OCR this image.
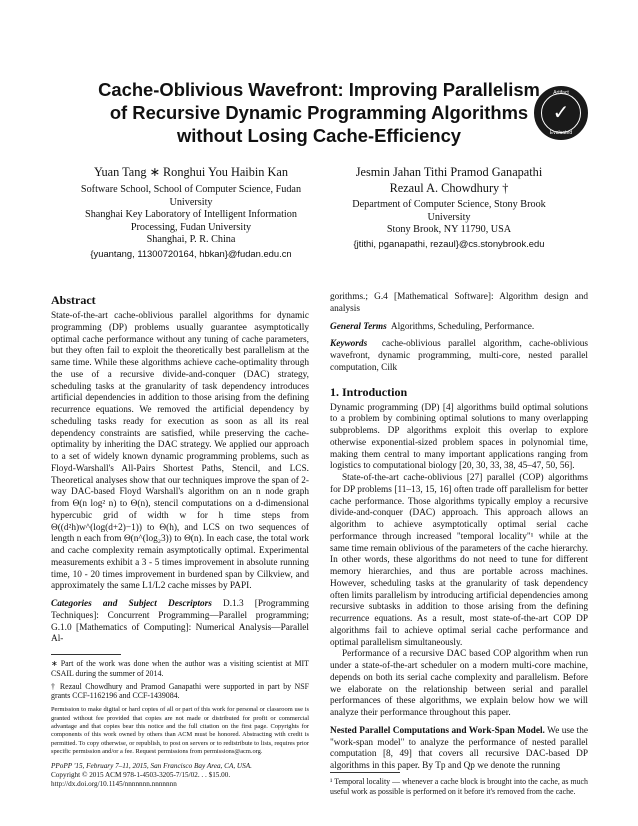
Cache-Oblivious Wavefront: Improving Parallelism
of Recursive Dynamic Programming Algorithms
without Losing Cache-Efficiency
Artifact
✓
Evaluated
Yuan Tang ∗ Ronghui You Haibin Kan
Software School, School of Computer Science, Fudan
University
Shanghai Key Laboratory of Intelligent Information
Processing, Fudan University
Shanghai, P. R. China
{yuantang, 11300720164, hbkan}@fudan.edu.cn
Jesmin Jahan Tithi Pramod Ganapathi
Rezaul A. Chowdhury †
Department of Computer Science, Stony Brook
University
Stony Brook, NY 11790, USA
{jtithi, pganapathi, rezaul}@cs.stonybrook.edu
Abstract

State-of-the-art cache-oblivious parallel algorithms for dynamic programming (DP) problems usually guarantee asymptotically optimal cache performance without any tuning of cache parameters, but they often fail to exploit the theoretically best parallelism at the same time. While these algorithms achieve cache-optimality through the use of a recursive divide-and-conquer (DAC) strategy, scheduling tasks at the granularity of task dependency introduces artificial dependencies in addition to those arising from the defining recurrence equations. We removed the artificial dependency by scheduling tasks ready for execution as soon as all its real dependency constraints are satisfied, while preserving the cache-optimality by inheriting the DAC strategy. We applied our approach to a set of widely known dynamic programming problems, such as Floyd-Warshall's All-Pairs Shortest Paths, Stencil, and LCS. Theoretical analyses show that our techniques improve the span of 2-way DAC-based Floyd Warshall's algorithm on an n node graph from Θ(n log² n) to Θ(n), stencil computations on a d-dimensional hypercubic grid of width w for h time steps from Θ((d²h)w^(log(d+2)−1)) to Θ(h), and LCS on two sequences of length n each from Θ(n^(log₂3)) to Θ(n). In each case, the total work and cache complexity remain asymptotically optimal. Experimental measurements exhibit a 3 - 5 times improvement in absolute running time, 10 - 20 times improvement in burdened span by Cilkview, and approximately the same L1/L2 cache misses by PAPI.

Categories and Subject Descriptors D.1.3 [Programming Techniques]: Concurrent Programming—Parallel programming; G.1.0 [Mathematics of Computing]: Numerical Analysis—Parallel Al-

∗ Part of the work was done when the author was a visiting scientist at MIT CSAIL during the summer of 2014.

† Rezaul Chowdhury and Pramod Ganapathi were supported in part by NSF grants CCF-1162196 and CCF-1439084.

Permission to make digital or hard copies of all or part of this work for personal or classroom use is granted without fee provided that copies are not made or distributed for profit or commercial advantage and that copies bear this notice and the full citation on the first page. Copyrights for components of this work owned by others than ACM must be honored. Abstracting with credit is permitted. To copy otherwise, or republish, to post on servers or to redistribute to lists, requires prior specific permission and/or a fee. Request permissions from permissions@acm.org.

PPoPP '15, February 7–11, 2015, San Francisco Bay Area, CA, USA.
Copyright © 2015 ACM 978-1-4503-3205-7/15/02. . . $15.00.
http://dx.doi.org/10.1145/nnnnnnn.nnnnnnn

gorithms.; G.4 [Mathematical Software]: Algorithm design and analysis

General Terms Algorithms, Scheduling, Performance.

Keywords cache-oblivious parallel algorithm, cache-oblivious wavefront, dynamic programming, multi-core, nested parallel computation, Cilk

1. Introduction

Dynamic programming (DP) [4] algorithms build optimal solutions to a problem by combining optimal solutions to many overlapping subproblems. DP algorithms exploit this overlap to explore otherwise exponential-sized problem spaces in polynomial time, making them central to many important applications ranging from logistics to computational biology [20, 30, 33, 38, 45–47, 50, 56].

State-of-the-art cache-oblivious [27] parallel (COP) algorithms for DP problems [11–13, 15, 16] often trade off parallelism for better cache performance. Those algorithms typically employ a recursive divide-and-conquer (DAC) approach. This approach allows an algorithm to achieve asymptotically optimal serial cache performance through increased "temporal locality"¹ while at the same time remain oblivious of the parameters of the cache hierarchy. In other words, these algorithms do not need to tune for different memory hierarchies, and thus are portable across machines. However, scheduling tasks at the granularity of task dependency often limits parallelism by introducing artificial dependencies among recursive subtasks in addition to those arising from the defining recurrence equations. As a result, most state-of-the-art COP DP algorithms fail to achieve optimal serial cache performance and optimal parallelism simultaneously.

Performance of a recursive DAC based COP algorithm when run under a state-of-the-art scheduler on a modern multi-core machine, depends on both its serial cache complexity and parallelism. Before we elaborate on the relationship between serial and parallel performances of these algorithms, we explain below how we will analyze their performance throughout this paper.

Nested Parallel Computations and Work-Span Model. We use the "work-span model" to analyze the performance of nested parallel computation [8, 49] that covers all recursive DAC-based DP algorithms in this paper. By Tp and Qp we denote the running

¹ Temporal locality — whenever a cache block is brought into the cache, as much useful work as possible is performed on it before it's removed from the cache.
